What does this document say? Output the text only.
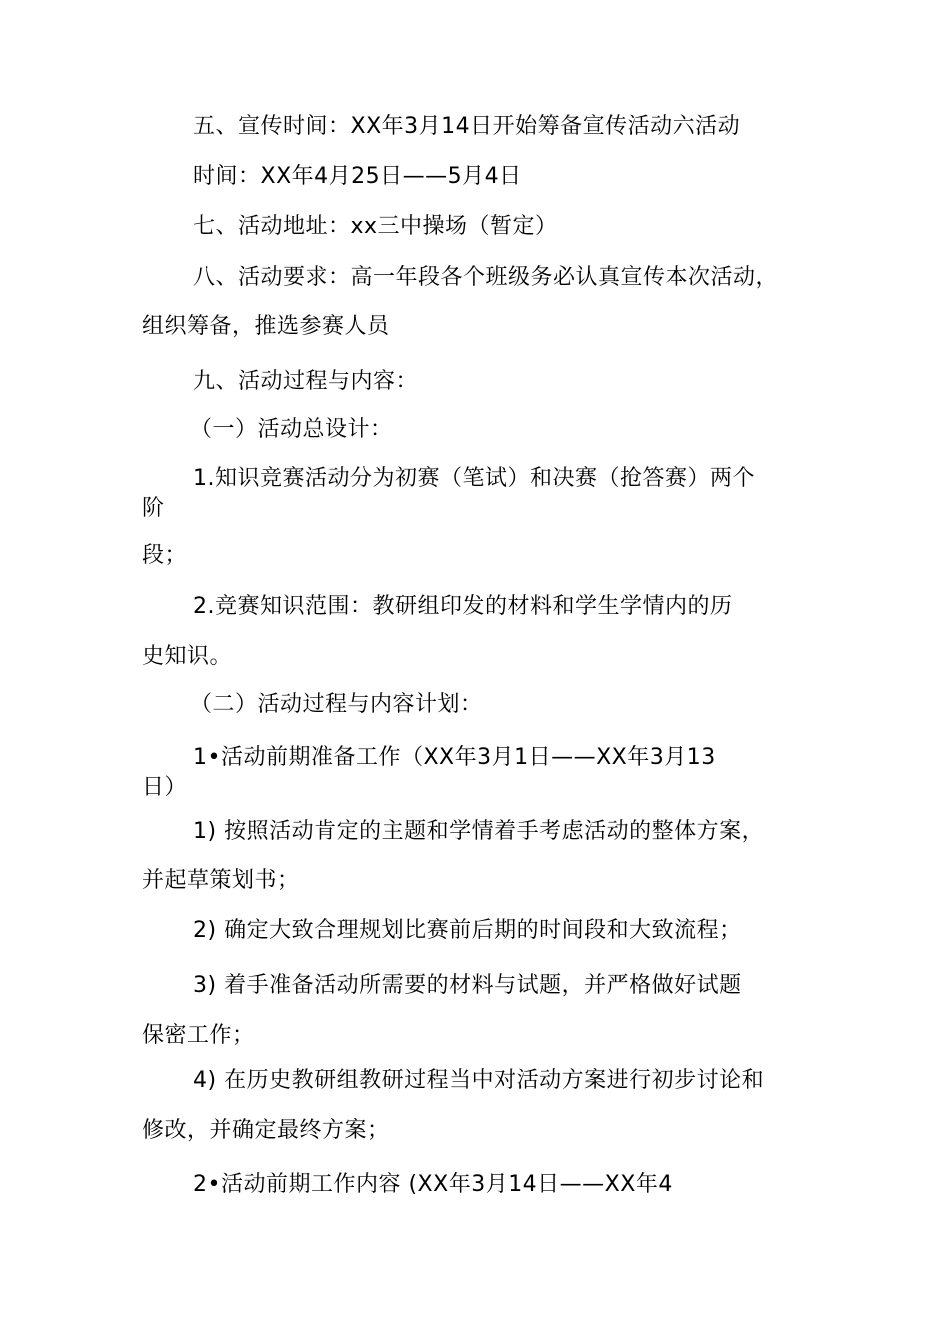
五、宣传时间：XX年3月14日开始筹备宣传活动六活动
时间：XX年4月25日——5月4日
七、活动地址：xx三中操场（暂定）
八、活动要求：高一年段各个班级务必认真宣传本次活动，
组织筹备，推选参赛人员
九、活动过程与内容：
（一）活动总设计：
1.知识竞赛活动分为初赛（笔试）和决赛（抢答赛）两个
阶
段；
2.竞赛知识范围：教研组印发的材料和学生学情内的历
史知识。
（二）活动过程与内容计划：
1•活动前期准备工作（XX年3月1日——XX年3月13
日）
1) 按照活动肯定的主题和学情着手考虑活动的整体方案，
并起草策划书；
2) 确定大致合理规划比赛前后期的时间段和大致流程；
3) 着手准备活动所需要的材料与试题，并严格做好试题
保密工作；
4) 在历史教研组教研过程当中对活动方案进行初步讨论和
修改，并确定最终方案；
2•活动前期工作内容 (XX年3月14日——XX年4
